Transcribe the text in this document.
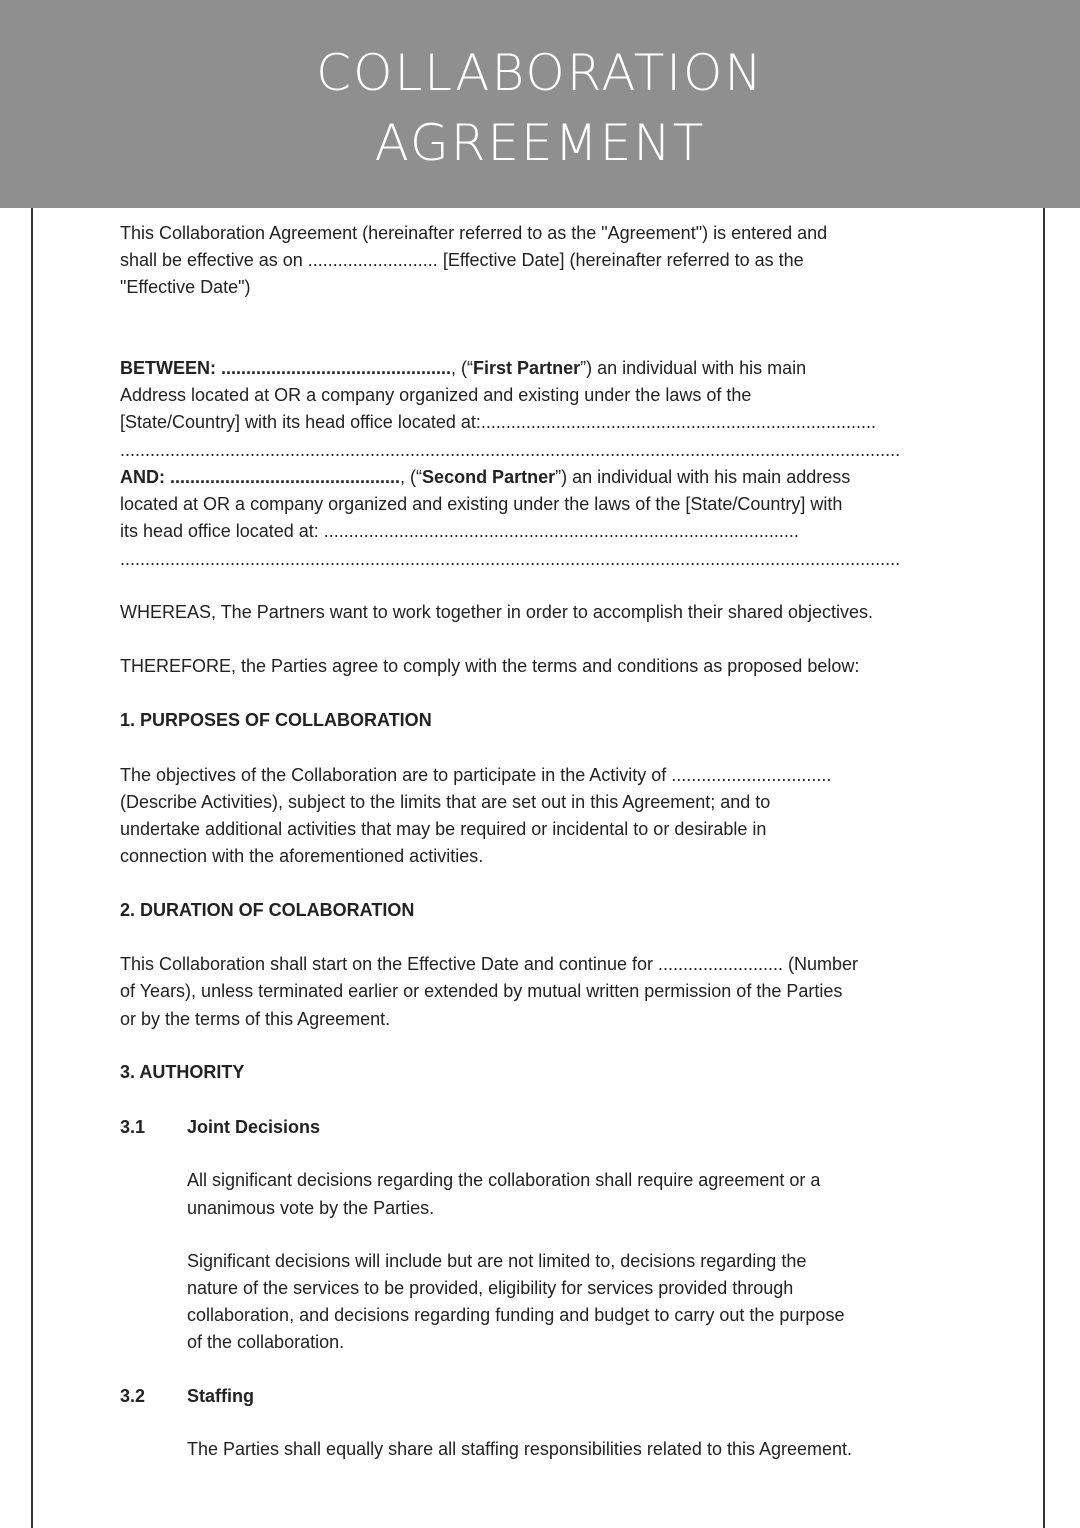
COLLABORATION
AGREEMENT
This Collaboration Agreement (hereinafter referred to as the "Agreement") is entered and
shall be effective as on .......................... [Effective Date] (hereinafter referred to as the
"Effective Date")
BETWEEN: .............................................., (“First Partner”) an individual with his main
Address located at OR a company organized and existing under the laws of the
[State/Country] with its head office located at:...............................................................................
............................................................................................................................................................
AND: .............................................., (“Second Partner”) an individual with his main address
located at OR a company organized and existing under the laws of the [State/Country] with
its head office located at: ...............................................................................................
............................................................................................................................................................
WHEREAS, The Partners want to work together in order to accomplish their shared objectives.
THEREFORE, the Parties agree to comply with the terms and conditions as proposed below:
1. PURPOSES OF COLLABORATION
The objectives of the Collaboration are to participate in the Activity of ................................
(Describe Activities), subject to the limits that are set out in this Agreement; and to
undertake additional activities that may be required or incidental to or desirable in
connection with the aforementioned activities.
2. DURATION OF COLABORATION
This Collaboration shall start on the Effective Date and continue for ......................... (Number
of Years), unless terminated earlier or extended by mutual written permission of the Parties
or by the terms of this Agreement.
3. AUTHORITY
3.1 Joint Decisions
All significant decisions regarding the collaboration shall require agreement or a
unanimous vote by the Parties.
Significant decisions will include but are not limited to, decisions regarding the
nature of the services to be provided, eligibility for services provided through
collaboration, and decisions regarding funding and budget to carry out the purpose
of the collaboration.
3.2 Staffing
The Parties shall equally share all staffing responsibilities related to this Agreement.
